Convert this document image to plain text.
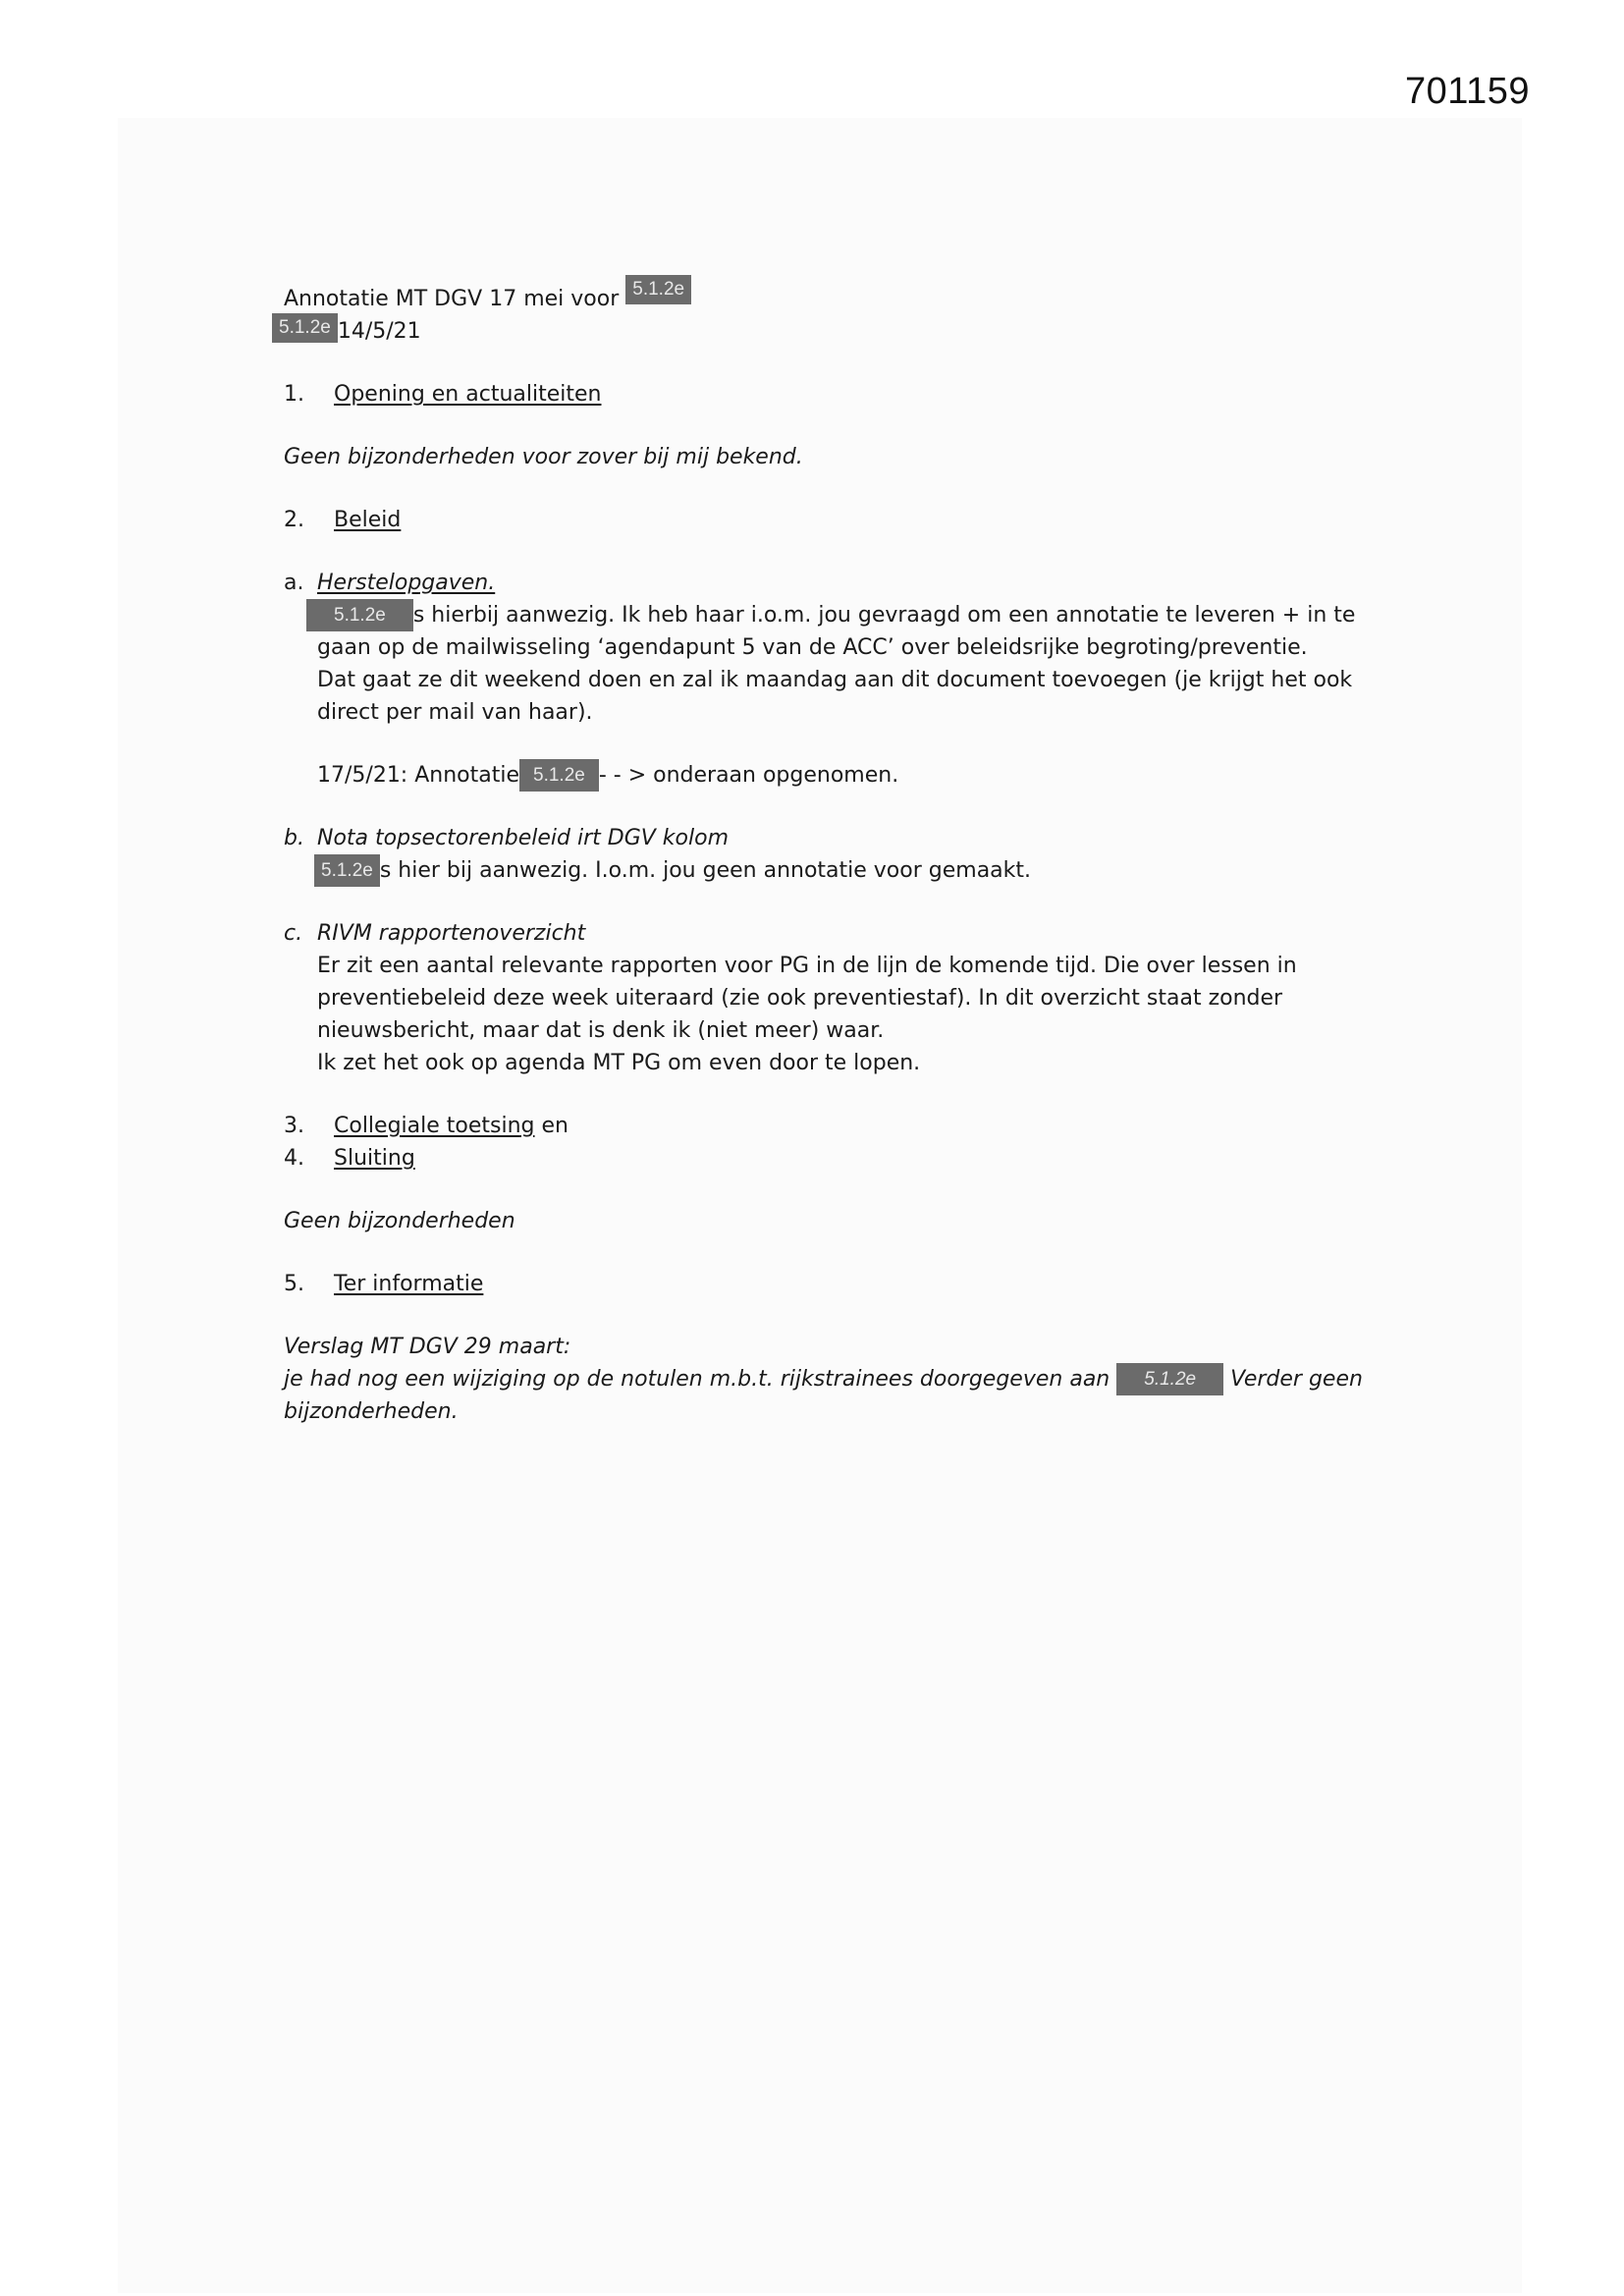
701159
Annotatie MT DGV 17 mei voor 5.1.2e
5.1.2e 14/5/21
1. Opening en actualiteiten
Geen bijzonderheden voor zover bij mij bekend.
2. Beleid
a. Herstelopgaven.
5.1.2e s hierbij aanwezig. Ik heb haar i.o.m. jou gevraagd om een annotatie te leveren + in te
gaan op de mailwisseling ‘agendapunt 5 van de ACC’ over beleidsrijke begroting/preventie.
Dat gaat ze dit weekend doen en zal ik maandag aan dit document toevoegen (je krijgt het ook
direct per mail van haar).
17/5/21: Annotatie 5.1.2e - - > onderaan opgenomen.
b. Nota topsectorenbeleid irt DGV kolom
5.1.2e s hier bij aanwezig. I.o.m. jou geen annotatie voor gemaakt.
c. RIVM rapportenoverzicht
Er zit een aantal relevante rapporten voor PG in de lijn de komende tijd. Die over lessen in
preventiebeleid deze week uiteraard (zie ook preventiestaf). In dit overzicht staat zonder
nieuwsbericht, maar dat is denk ik (niet meer) waar.
Ik zet het ook op agenda MT PG om even door te lopen.
3. Collegiale toetsing en
4. Sluiting
Geen bijzonderheden
5. Ter informatie
Verslag MT DGV 29 maart:
je had nog een wijziging op de notulen m.b.t. rijkstrainees doorgegeven aan 5.1.2e Verder geen
bijzonderheden.
